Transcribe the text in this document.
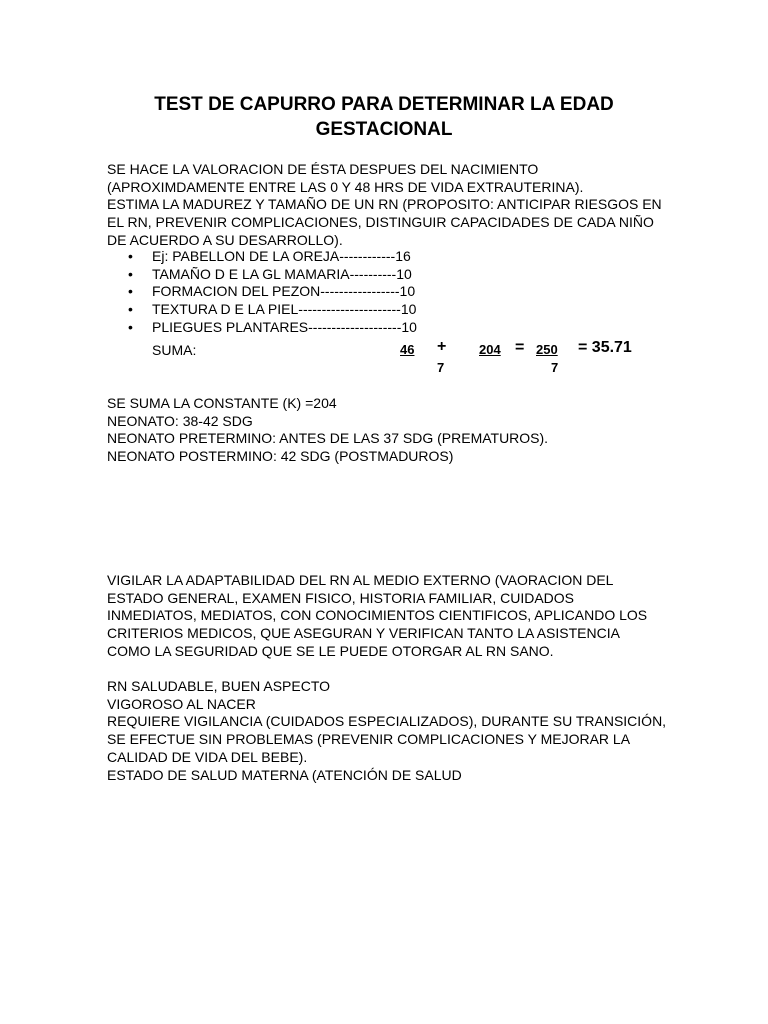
TEST DE CAPURRO PARA DETERMINAR LA EDAD
GESTACIONAL
SE HACE LA VALORACION DE ÉSTA DESPUES DEL NACIMIENTO
(APROXIMDAMENTE ENTRE LAS 0 Y 48 HRS DE VIDA EXTRAUTERINA).
ESTIMA LA MADUREZ Y TAMAÑO DE UN RN (PROPOSITO: ANTICIPAR RIESGOS EN
EL RN, PREVENIR COMPLICACIONES, DISTINGUIR CAPACIDADES DE CADA NIÑO
DE ACUERDO A SU DESARROLLO).
• Ej: PABELLON DE LA OREJA------------16
• TAMAÑO D E LA GL MAMARIA----------10
• FORMACION DEL PEZON-----------------10
• TEXTURA D E LA PIEL----------------------10
• PLIEGUES PLANTARES--------------------10
SUMA:	46 +	204 = 250 = 35.71
7	7
SE SUMA LA CONSTANTE (K) =204
NEONATO: 38-42 SDG
NEONATO PRETERMINO: ANTES DE LAS 37 SDG (PREMATUROS).
NEONATO POSTERMINO: 42 SDG (POSTMADUROS)
VIGILAR LA ADAPTABILIDAD DEL RN AL MEDIO EXTERNO (VAORACION DEL
ESTADO GENERAL, EXAMEN FISICO, HISTORIA FAMILIAR, CUIDADOS
INMEDIATOS, MEDIATOS, CON CONOCIMIENTOS CIENTIFICOS, APLICANDO LOS
CRITERIOS MEDICOS, QUE ASEGURAN Y VERIFICAN TANTO LA ASISTENCIA
COMO LA SEGURIDAD QUE SE LE PUEDE OTORGAR AL RN SANO.
RN SALUDABLE, BUEN ASPECTO
VIGOROSO AL NACER
REQUIERE VIGILANCIA (CUIDADOS ESPECIALIZADOS), DURANTE SU TRANSICIÓN,
SE EFECTUE SIN PROBLEMAS (PREVENIR COMPLICACIONES Y MEJORAR LA
CALIDAD DE VIDA DEL BEBE).
ESTADO DE SALUD MATERNA (ATENCIÓN DE SALUD
